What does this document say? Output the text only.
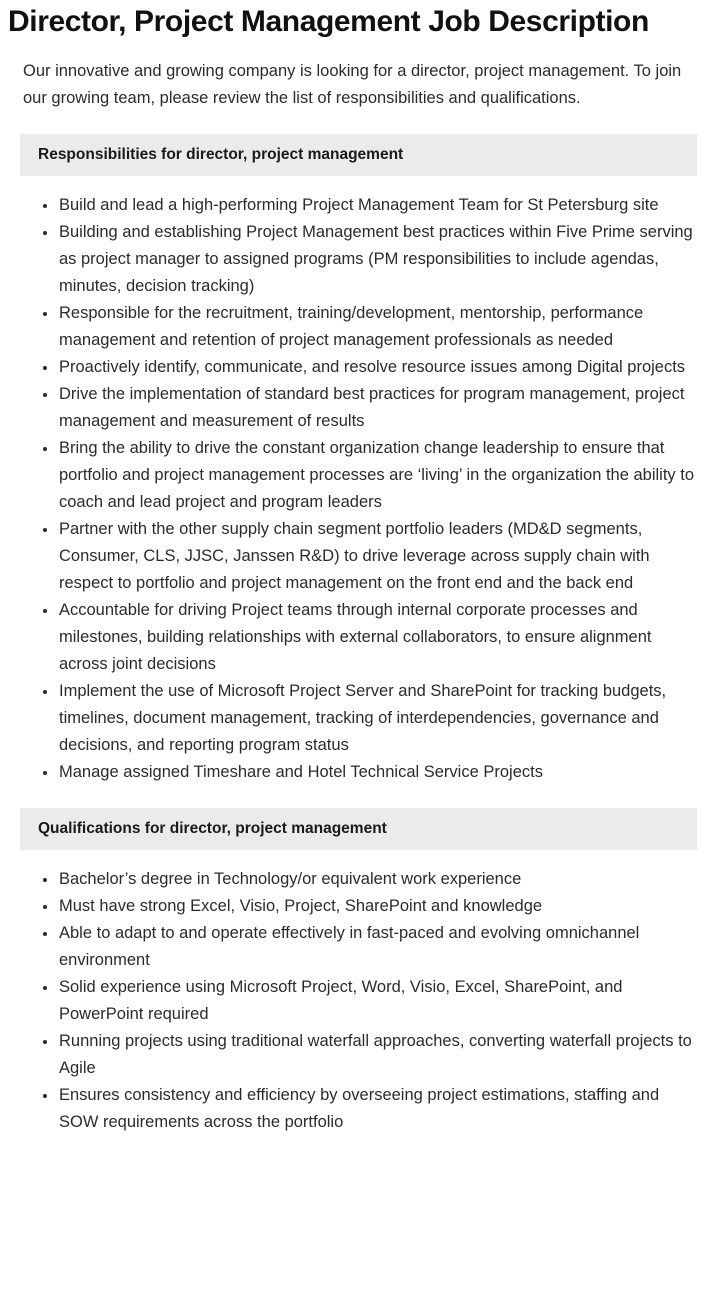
Director, Project Management Job Description

Our innovative and growing company is looking for a director, project management. To join our growing team, please review the list of responsibilities and qualifications.

Responsibilities for director, project management
Build and lead a high-performing Project Management Team for St Petersburg site
Building and establishing Project Management best practices within Five Prime serving as project manager to assigned programs (PM responsibilities to include agendas, minutes, decision tracking)
Responsible for the recruitment, training/development, mentorship, performance management and retention of project management professionals as needed
Proactively identify, communicate, and resolve resource issues among Digital projects
Drive the implementation of standard best practices for program management, project management and measurement of results
Bring the ability to drive the constant organization change leadership to ensure that portfolio and project management processes are ‘living’ in the organization the ability to coach and lead project and program leaders
Partner with the other supply chain segment portfolio leaders (MD&D segments, Consumer, CLS, JJSC, Janssen R&D) to drive leverage across supply chain with respect to portfolio and project management on the front end and the back end
Accountable for driving Project teams through internal corporate processes and milestones, building relationships with external collaborators, to ensure alignment across joint decisions
Implement the use of Microsoft Project Server and SharePoint for tracking budgets, timelines, document management, tracking of interdependencies, governance and decisions, and reporting program status
Manage assigned Timeshare and Hotel Technical Service Projects
Qualifications for director, project management
Bachelor’s degree in Technology/or equivalent work experience
Must have strong Excel, Visio, Project, SharePoint and knowledge
Able to adapt to and operate effectively in fast-paced and evolving omnichannel environment
Solid experience using Microsoft Project, Word, Visio, Excel, SharePoint, and PowerPoint required
Running projects using traditional waterfall approaches, converting waterfall projects to Agile
Ensures consistency and efficiency by overseeing project estimations, staffing and SOW requirements across the portfolio
